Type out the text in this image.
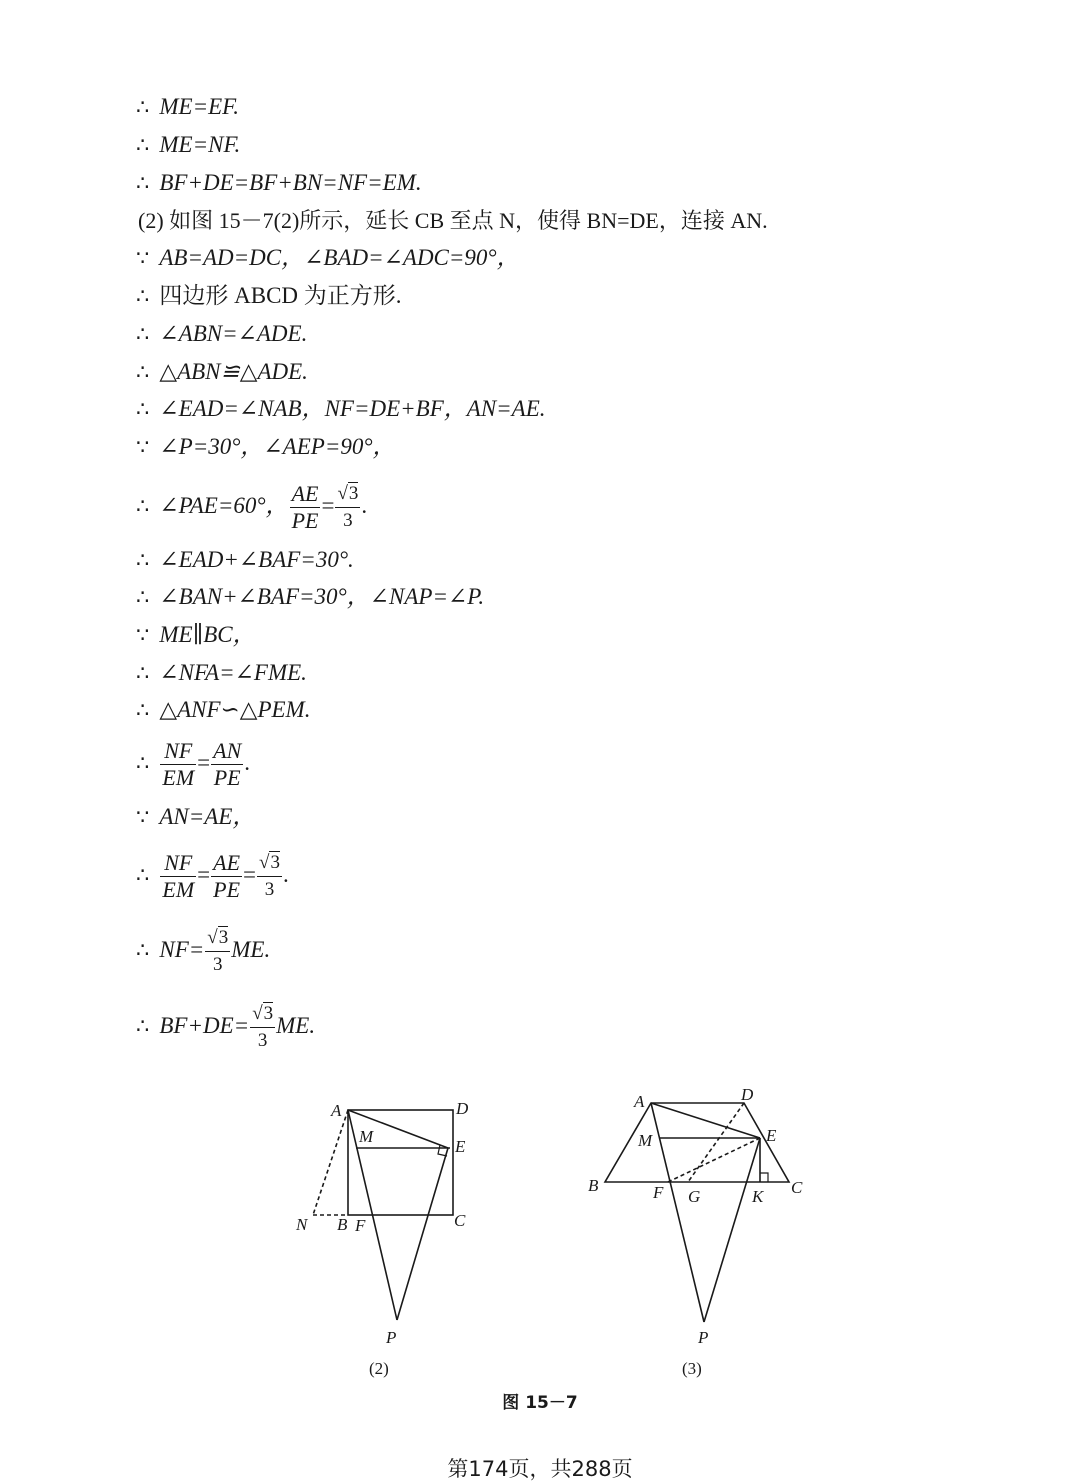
∴ ME=EF.
∴ ME=NF.
∴ BF+DE=BF+BN=NF=EM.
(2) 如图 15－7(2)所示，延长 CB 至点 N，使得 BN=DE，连接 AN.
∵ AB=AD=DC，∠BAD=∠ADC=90°，
∴ 四边形 ABCD 为正方形.
∴ ∠ABN=∠ADE.
∴ △ABN≌△ADE.
∴ ∠EAD=∠NAB，NF=DE+BF，AN=AE.
∵ ∠P=30°，∠AEP=90°，
∴ ∠PAE=60°， $\frac{AE}{PE} = \frac{√3}{3}$ .
∴ ∠EAD+∠BAF=30°.
∴ ∠BAN+∠BAF=30°，∠NAP=∠P.
∵ ME∥BC，
∴ ∠NFA=∠FME.
∴ △ANF∽△PEM.
∴ $\frac{NF}{EM} = \frac{AN}{PE}$ .
∵ AN=AE，
∴ $\frac{NF}{EM} = \frac{AE}{PE} = \frac{√3}{3}$ .
∴ $NF= \frac{√3}{3}$ ME.
∴ $BF+DE= \frac{√3}{3}$ ME.
A	D
M
E
N B F	C
P
(2)
A	D
M	E
B	F G	K C
P
(3)
图 15－7
第174页，共288页
